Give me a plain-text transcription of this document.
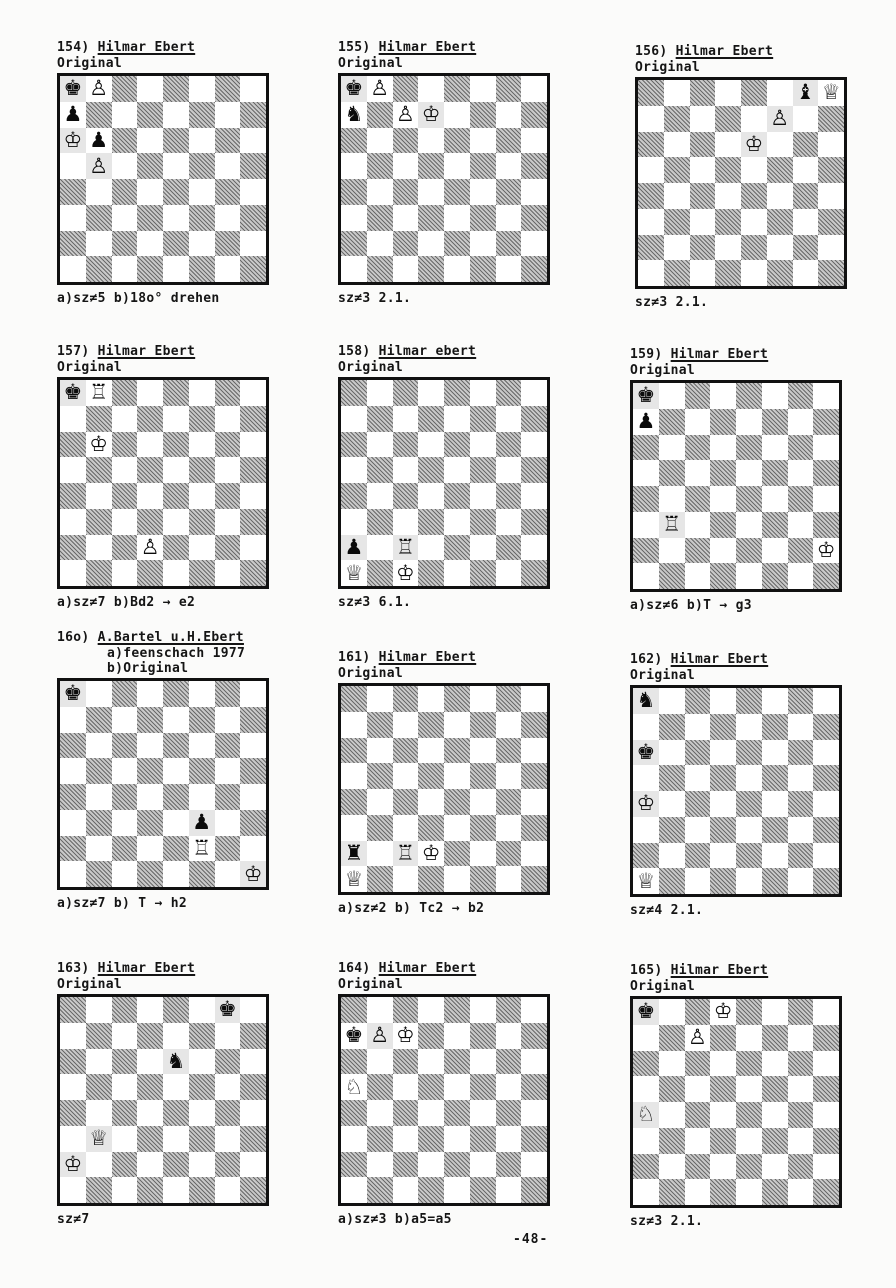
154) Hilmar Ebert
Original
♚ ♙
♟
♔ ♟
♙
a)sz≠5 b)18o° drehen
155) Hilmar Ebert
Original
♚ ♙
♞ ♙ ♔
sz≠3 2.1.
156) Hilmar Ebert
Original
♝ ♕
♙
♔
sz≠3 2.1.
157) Hilmar Ebert
Original
♚ ♖
♔
♙
a)sz≠7 b)Bd2 → e2
158) Hilmar ebert
Original
♟ ♖
♕ ♔
sz≠3 6.1.
159) Hilmar Ebert
Original
♚
♟
♖
♔
a)sz≠6 b)T → g3
16o) A.Bartel u.H.Ebert
a)feenschach 1977
b)Original
♚
♟
♖
♔
a)sz≠7 b) T → h2
161) Hilmar Ebert
Original
♜ ♖ ♔
♕
a)sz≠2 b) Tc2 → b2
162) Hilmar Ebert
Original
♞
♚
♔
♕
sz≠4 2.1.
163) Hilmar Ebert
Original
♚
♞
♕
♔
sz≠7
164) Hilmar Ebert
Original
♚ ♙ ♔
♘
a)sz≠3 b)a5=a5
165) Hilmar Ebert
Original
♚	♔
♙
♘
sz≠3 2.1.
-48-
